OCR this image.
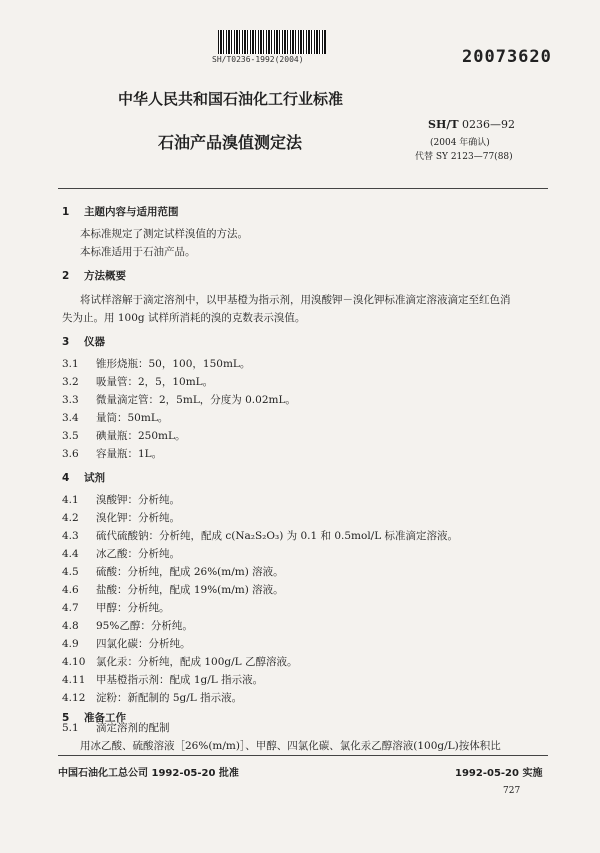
SH/T0236-1992(2004)	20073620
中华人民共和国石油化工行业标准
石油产品溴值测定法
SH/T 0236—92
(2004 年确认)
代替 SY 2123—77(88)
1 主题内容与适用范围
本标准规定了测定试样溴值的方法。
本标准适用于石油产品。
2 方法概要
将试样溶解于滴定溶剂中，以甲基橙为指示剂，用溴酸钾－溴化钾标准滴定溶液滴定至红色消
失为止。用 100g 试样所消耗的溴的克数表示溴值。
3 仪器
3.1 锥形烧瓶：50，100，150mL。
3.2 吸量管：2，5，10mL。
3.3 微量滴定管：2，5mL，分度为 0.02mL。
3.4 量筒：50mL。
3.5 碘量瓶：250mL。
3.6 容量瓶：1L。
4 试剂
4.1 溴酸钾：分析纯。
4.2 溴化钾：分析纯。
4.3 硫代硫酸钠：分析纯，配成 c(Na₂S₂O₃) 为 0.1 和 0.5mol/L 标准滴定溶液。
4.4 冰乙酸：分析纯。
4.5 硫酸：分析纯，配成 26%(m/m) 溶液。
4.6 盐酸：分析纯，配成 19%(m/m) 溶液。
4.7 甲醇：分析纯。
4.8 95%乙醇：分析纯。
4.9 四氯化碳：分析纯。
4.10 氯化汞：分析纯，配成 100g/L 乙醇溶液。
4.11 甲基橙指示剂：配成 1g/L 指示液。
4.12 淀粉：新配制的 5g/L 指示液。
5 准备工作
5.1 滴定溶剂的配制
用冰乙酸、硫酸溶液［26%(m/m)］、甲醇、四氯化碳、氯化汞乙醇溶液(100g/L)按体积比
中国石油化工总公司 1992-05-20 批准	1992-05-20 实施
727
